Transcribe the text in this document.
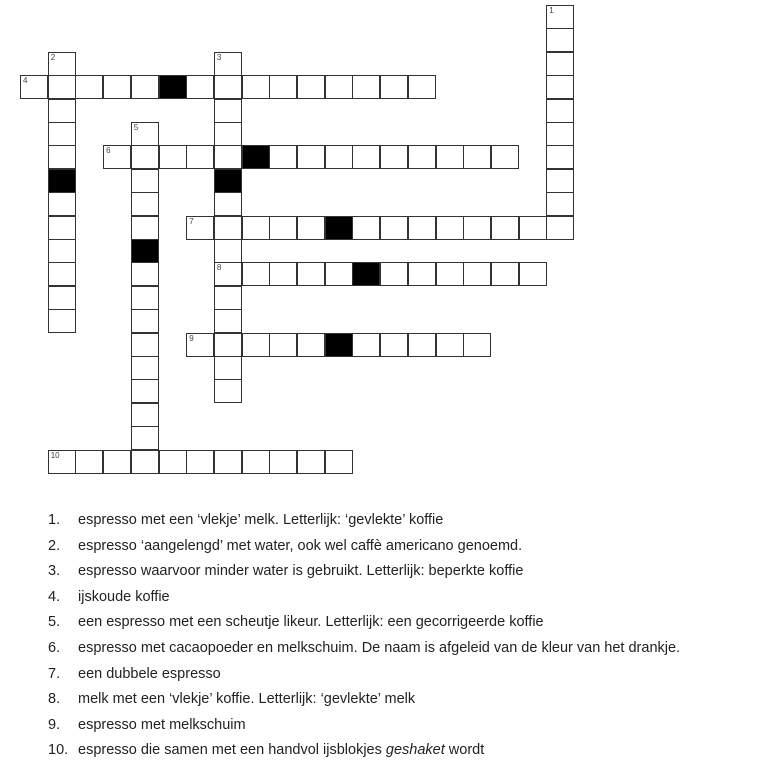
1
2	3
8
4
5
6
7
9
10
1. espresso met een ‘vlekje’ melk. Letterlijk: ‘gevlekte’ koffie
2. espresso ‘aangelengd’ met water, ook wel caffè americano genoemd.
3. espresso waarvoor minder water is gebruikt. Letterlijk: beperkte koffie
4. ijskoude koffie
5. een espresso met een scheutje likeur. Letterlijk: een gecorrigeerde koffie
6. espresso met cacaopoeder en melkschuim. De naam is afgeleid van de kleur van het drankje.
7. een dubbele espresso
8. melk met een ‘vlekje’ koffie. Letterlijk: ‘gevlekte’ melk
9. espresso met melkschuim
10. espresso die samen met een handvol ijsblokjes geshaket wordt
